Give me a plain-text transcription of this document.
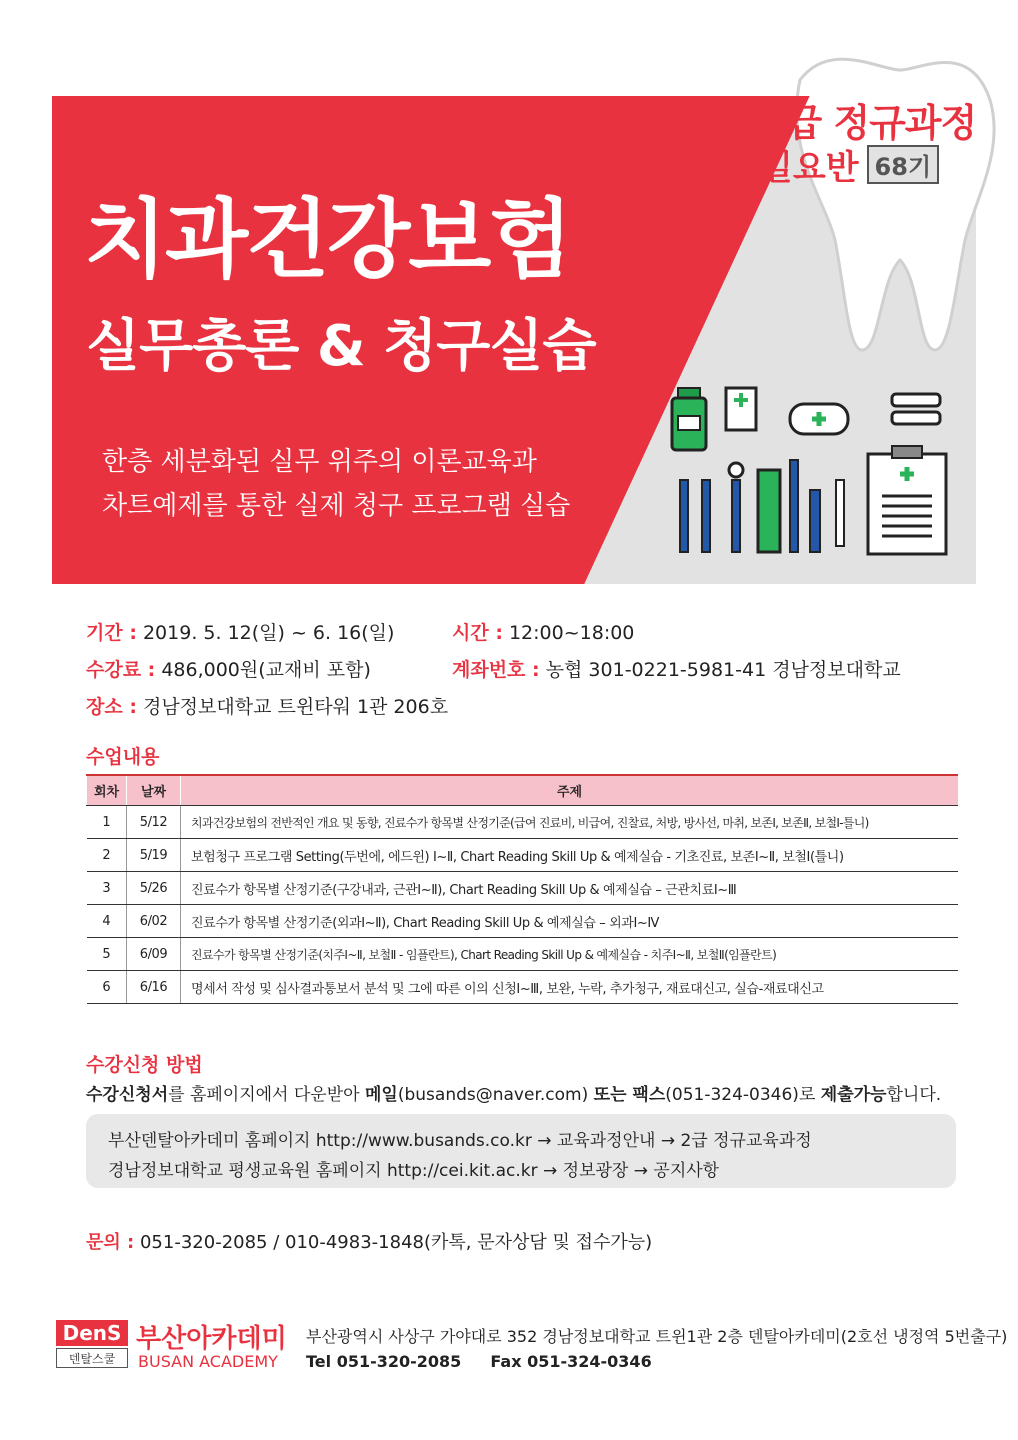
2급 정규과정
일요반 68기
치과건강보험
실무총론 & 청구실습
한층 세분화된 실무 위주의 이론교육과
차트예제를 통한 실제 청구 프로그램 실습
기간 : 2019. 5. 12(일) ~ 6. 16(일)	시간 : 12:00~18:00
수강료 : 486,000원(교재비 포함)	계좌번호 : 농협 301-0221-5981-41 경남정보대학교
장소 : 경남정보대학교 트윈타워 1관 206호
수업내용
회차	날짜	주제
1	5/12	치과건강보험의 전반적인 개요 및 동향, 진료수가 항목별 산정기준(급여 진료비, 비급여, 진찰료, 처방, 방사선, 마취, 보존Ⅰ, 보존Ⅱ, 보철Ⅰ-틀니)
2	5/19	보험청구 프로그램 Setting(두번에, 에드윈) Ⅰ~Ⅱ, Chart Reading Skill Up & 예제실습 - 기초진료, 보존Ⅰ~Ⅱ, 보철Ⅰ(틀니)
3	5/26	진료수가 항목별 산정기준(구강내과, 근관Ⅰ~Ⅱ), Chart Reading Skill Up & 예제실습 – 근관치료Ⅰ~Ⅲ
4	6/02	진료수가 항목별 산정기준(외과Ⅰ~Ⅱ), Chart Reading Skill Up & 예제실습 – 외과Ⅰ~Ⅳ
5	6/09	진료수가 항목별 산정기준(치주Ⅰ~Ⅱ, 보철Ⅱ - 임플란트), Chart Reading Skill Up & 예제실습 - 치주Ⅰ~Ⅱ, 보철Ⅱ(임플란트)
6	6/16	명세서 작성 및 심사결과통보서 분석 및 그에 따른 이의 신청Ⅰ~Ⅲ, 보완, 누락, 추가청구, 재료대신고, 실습-재료대신고
수강신청 방법
수강신청서를 홈페이지에서 다운받아 메일(busands@naver.com) 또는 팩스(051-324-0346)로 제출가능합니다.
부산덴탈아카데미 홈페이지 http://www.busands.co.kr → 교육과정안내 → 2급 정규교육과정
경남정보대학교 평생교육원 홈페이지 http://cei.kit.ac.kr → 정보광장 → 공지사항
문의 : 051-320-2085 / 010-4983-1848(카톡, 문자상담 및 접수가능)
DenS
덴탈스쿨
부산아카데미
BUSAN ACADEMY
부산광역시 사상구 가야대로 352 경남정보대학교 트윈1관 2층 덴탈아카데미(2호선 냉정역 5번출구)
Tel 051-320-2085 Fax 051-324-0346
